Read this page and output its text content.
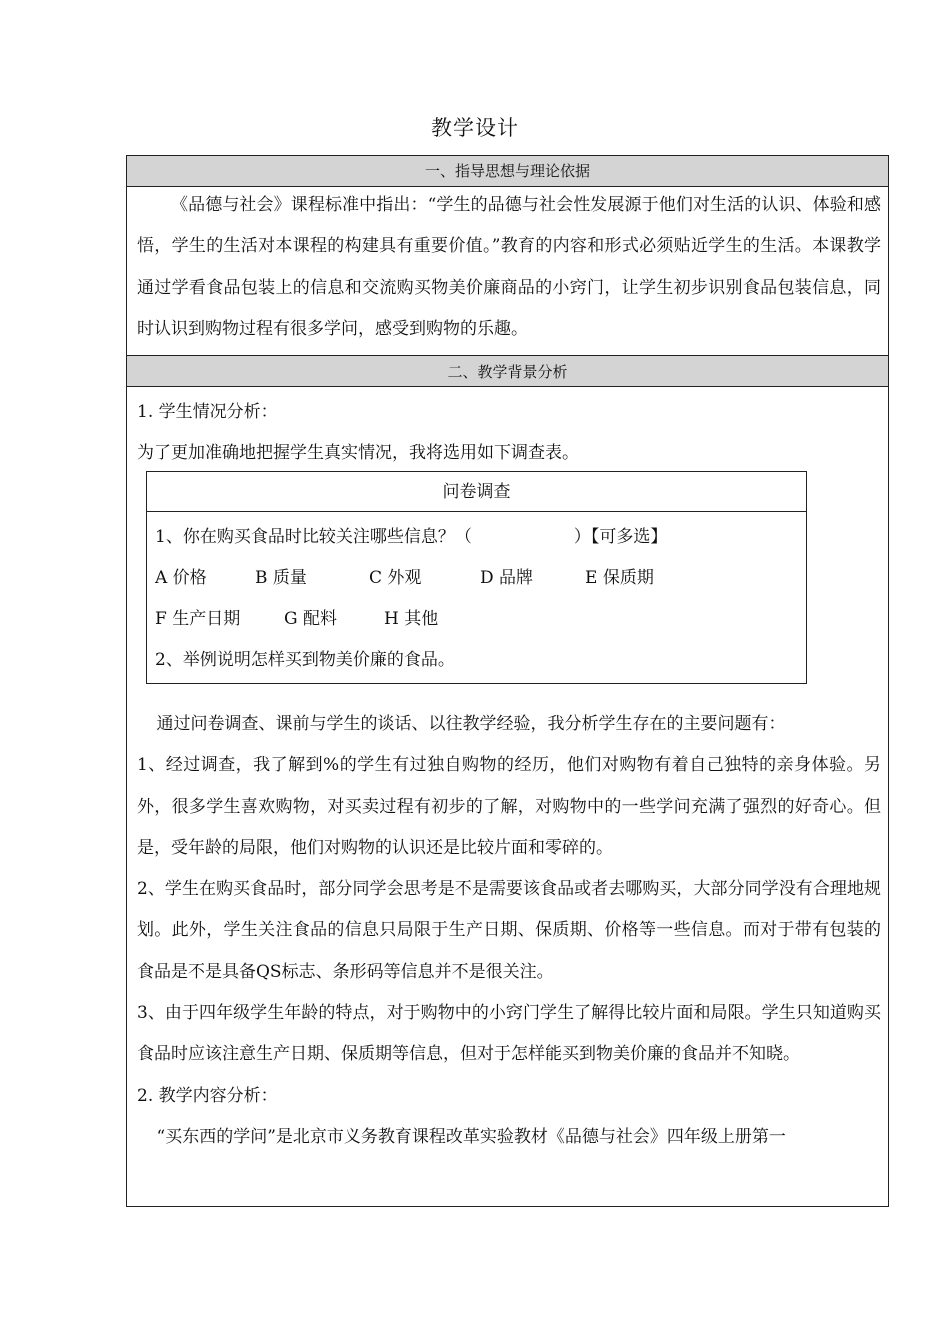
教学设计
一、指导思想与理论依据
《品德与社会》课程标准中指出：“学生的品德与社会性发展源于他们对生活的认识、体验和感悟，学生的生活对本课程的构建具有重要价值。”教育的内容和形式必须贴近学生的生活。本课教学通过学看食品包装上的信息和交流购买物美价廉商品的小窍门，让学生初步识别食品包装信息，同时认识到购物过程有很多学问，感受到购物的乐趣。
二、教学背景分析
1. 学生情况分析：
为了更加准确地把握学生真实情况，我将选用如下调查表。
问卷调查
1、你在购买食品时比较关注哪些信息？（　　　　　　）【可多选】
A 价格	B 质量	C 外观	D 品牌	E 保质期
F 生产日期	G 配料	H 其他
2、举例说明怎样买到物美价廉的食品。
通过问卷调查、课前与学生的谈话、以往教学经验，我分析学生存在的主要问题有：
1、经过调查，我了解到%的学生有过独自购物的经历，他们对购物有着自己独特的亲身体验。另外，很多学生喜欢购物，对买卖过程有初步的了解，对购物中的一些学问充满了强烈的好奇心。但是，受年龄的局限，他们对购物的认识还是比较片面和零碎的。
2、学生在购买食品时，部分同学会思考是不是需要该食品或者去哪购买，大部分同学没有合理地规划。此外，学生关注食品的信息只局限于生产日期、保质期、价格等一些信息。而对于带有包装的食品是不是具备QS标志、条形码等信息并不是很关注。
3、由于四年级学生年龄的特点，对于购物中的小窍门学生了解得比较片面和局限。学生只知道购买食品时应该注意生产日期、保质期等信息，但对于怎样能买到物美价廉的食品并不知晓。
2. 教学内容分析：
“买东西的学问”是北京市义务教育课程改革实验教材《品德与社会》四年级上册第一
